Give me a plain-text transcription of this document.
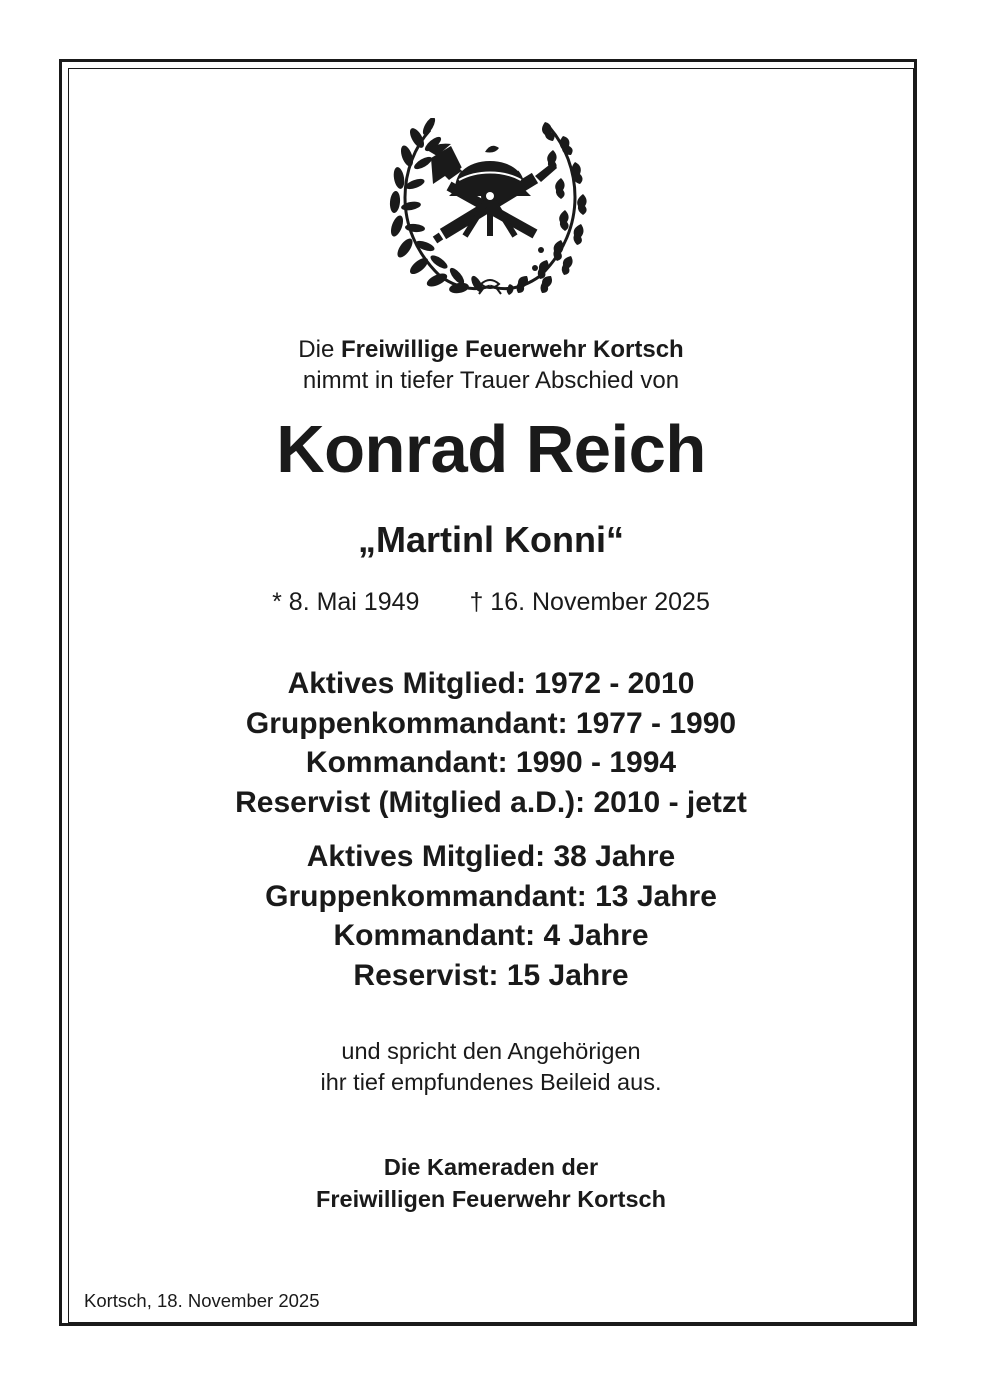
Die Freiwillige Feuerwehr Kortsch
nimmt in tiefer Trauer Abschied von
Konrad Reich
„Martinl Konni“
* 8. Mai 1949 † 16. November 2025
Aktives Mitglied: 1972 - 2010
Gruppenkommandant: 1977 - 1990
Kommandant: 1990 - 1994
Reservist (Mitglied a.D.): 2010 - jetzt
Aktives Mitglied: 38 Jahre
Gruppenkommandant: 13 Jahre
Kommandant: 4 Jahre
Reservist: 15 Jahre
und spricht den Angehörigen
ihr tief empfundenes Beileid aus.
Die Kameraden der
Freiwilligen Feuerwehr Kortsch
Kortsch, 18. November 2025
